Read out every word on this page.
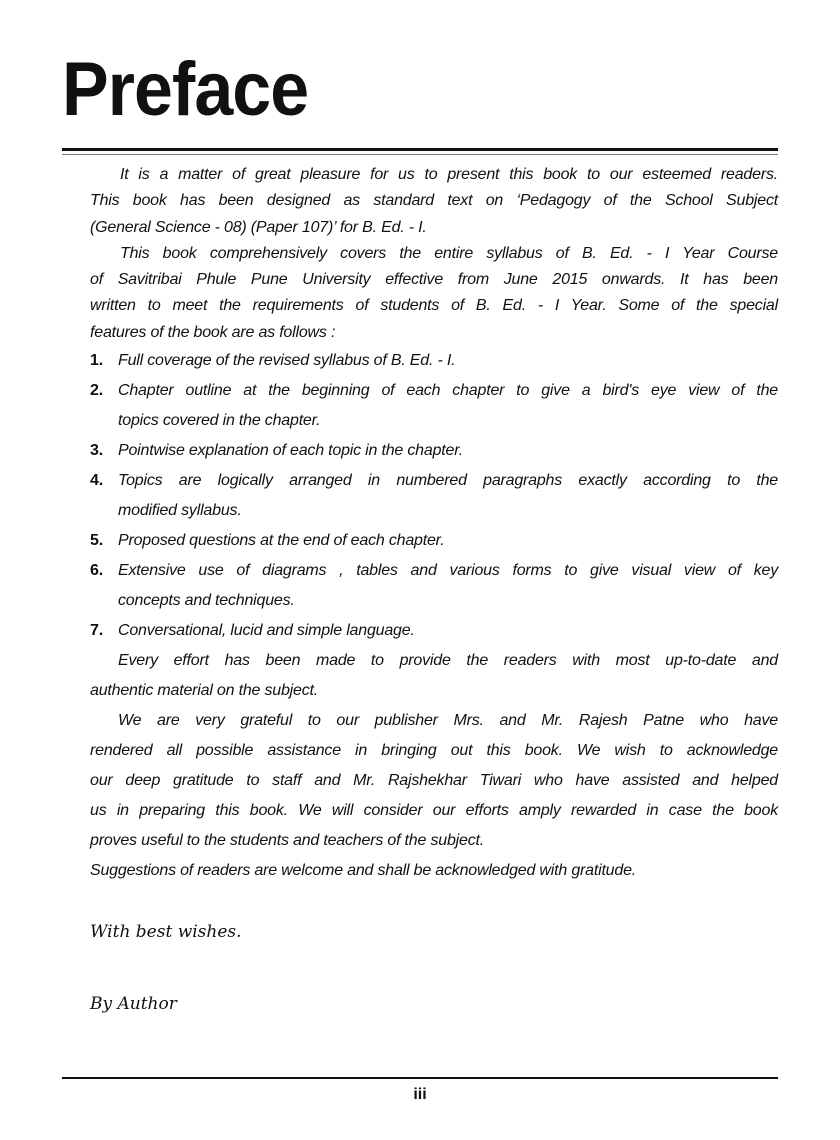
Preface
It is a matter of great pleasure for us to present this book to our esteemed readers.
This book has been designed as standard text on ‘Pedagogy of the School Subject
(General Science - 08) (Paper 107)’ for B. Ed. - I.
This book comprehensively covers the entire syllabus of B. Ed. - I Year Course
of Savitribai Phule Pune University effective from June 2015 onwards. It has been
written to meet the requirements of students of B. Ed. - I Year. Some of the special
features of the book are as follows :
1. Full coverage of the revised syllabus of B. Ed. - I.
2. Chapter outline at the beginning of each chapter to give a bird's eye view of the
topics covered in the chapter.
3. Pointwise explanation of each topic in the chapter.
4. Topics are logically arranged in numbered paragraphs exactly according to the
modified syllabus.
5. Proposed questions at the end of each chapter.
6. Extensive use of diagrams , tables and various forms to give visual view of key
concepts and techniques.
7. Conversational, lucid and simple language.
Every effort has been made to provide the readers with most up-to-date and
authentic material on the subject.
We are very grateful to our publisher Mrs. and Mr. Rajesh Patne who have
rendered all possible assistance in bringing out this book. We wish to acknowledge
our deep gratitude to staff and Mr. Rajshekhar Tiwari who have assisted and helped
us in preparing this book. We will consider our efforts amply rewarded in case the book
proves useful to the students and teachers of the subject.
Suggestions of readers are welcome and shall be acknowledged with gratitude.
With best wishes.
By Author
iii
